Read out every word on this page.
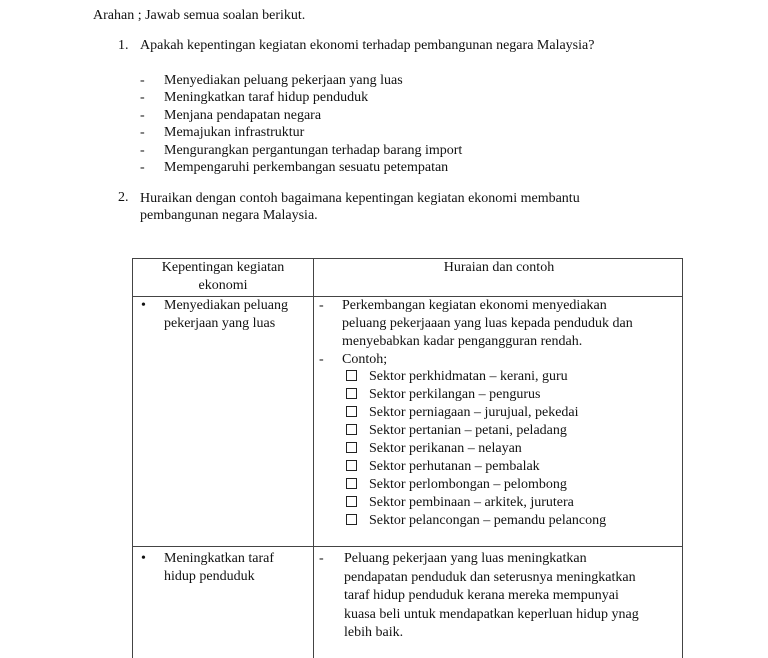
Arahan ; Jawab semua soalan berikut.
1. Apakah kepentingan kegiatan ekonomi terhadap pembangunan negara Malaysia?
- Menyediakan peluang pekerjaan yang luas
- Meningkatkan taraf hidup penduduk
- Menjana pendapatan negara
- Memajukan infrastruktur
- Mengurangkan pergantungan terhadap barang import
- Mempengaruhi perkembangan sesuatu petempatan
2. Huraikan dengan contoh bagaimana kepentingan kegiatan ekonomi membantu
pembangunan negara Malaysia.
Kepentingan kegiatan
ekonomi
Huraian dan contoh
• Menyediakan peluang
pekerjaan yang luas
- Perkembangan kegiatan ekonomi menyediakan
peluang pekerjaaan yang luas kepada penduduk dan
menyebabkan kadar pengangguran rendah.
Contoh;
-
Sektor perkhidmatan – kerani, guru
Sektor perkilangan – pengurus
Sektor perniagaan – jurujual, pekedai
Sektor pertanian – petani, peladang
Sektor perikanan – nelayan
Sektor perhutanan – pembalak
Sektor perlombongan – pelombong
Sektor pembinaan – arkitek, jurutera
Sektor pelancongan – pemandu pelancong
• Meningkatkan taraf
hidup penduduk
- Peluang pekerjaan yang luas meningkatkan
pendapatan penduduk dan seterusnya meningkatkan
taraf hidup penduduk kerana mereka mempunyai
kuasa beli untuk mendapatkan keperluan hidup ynag
lebih baik.
